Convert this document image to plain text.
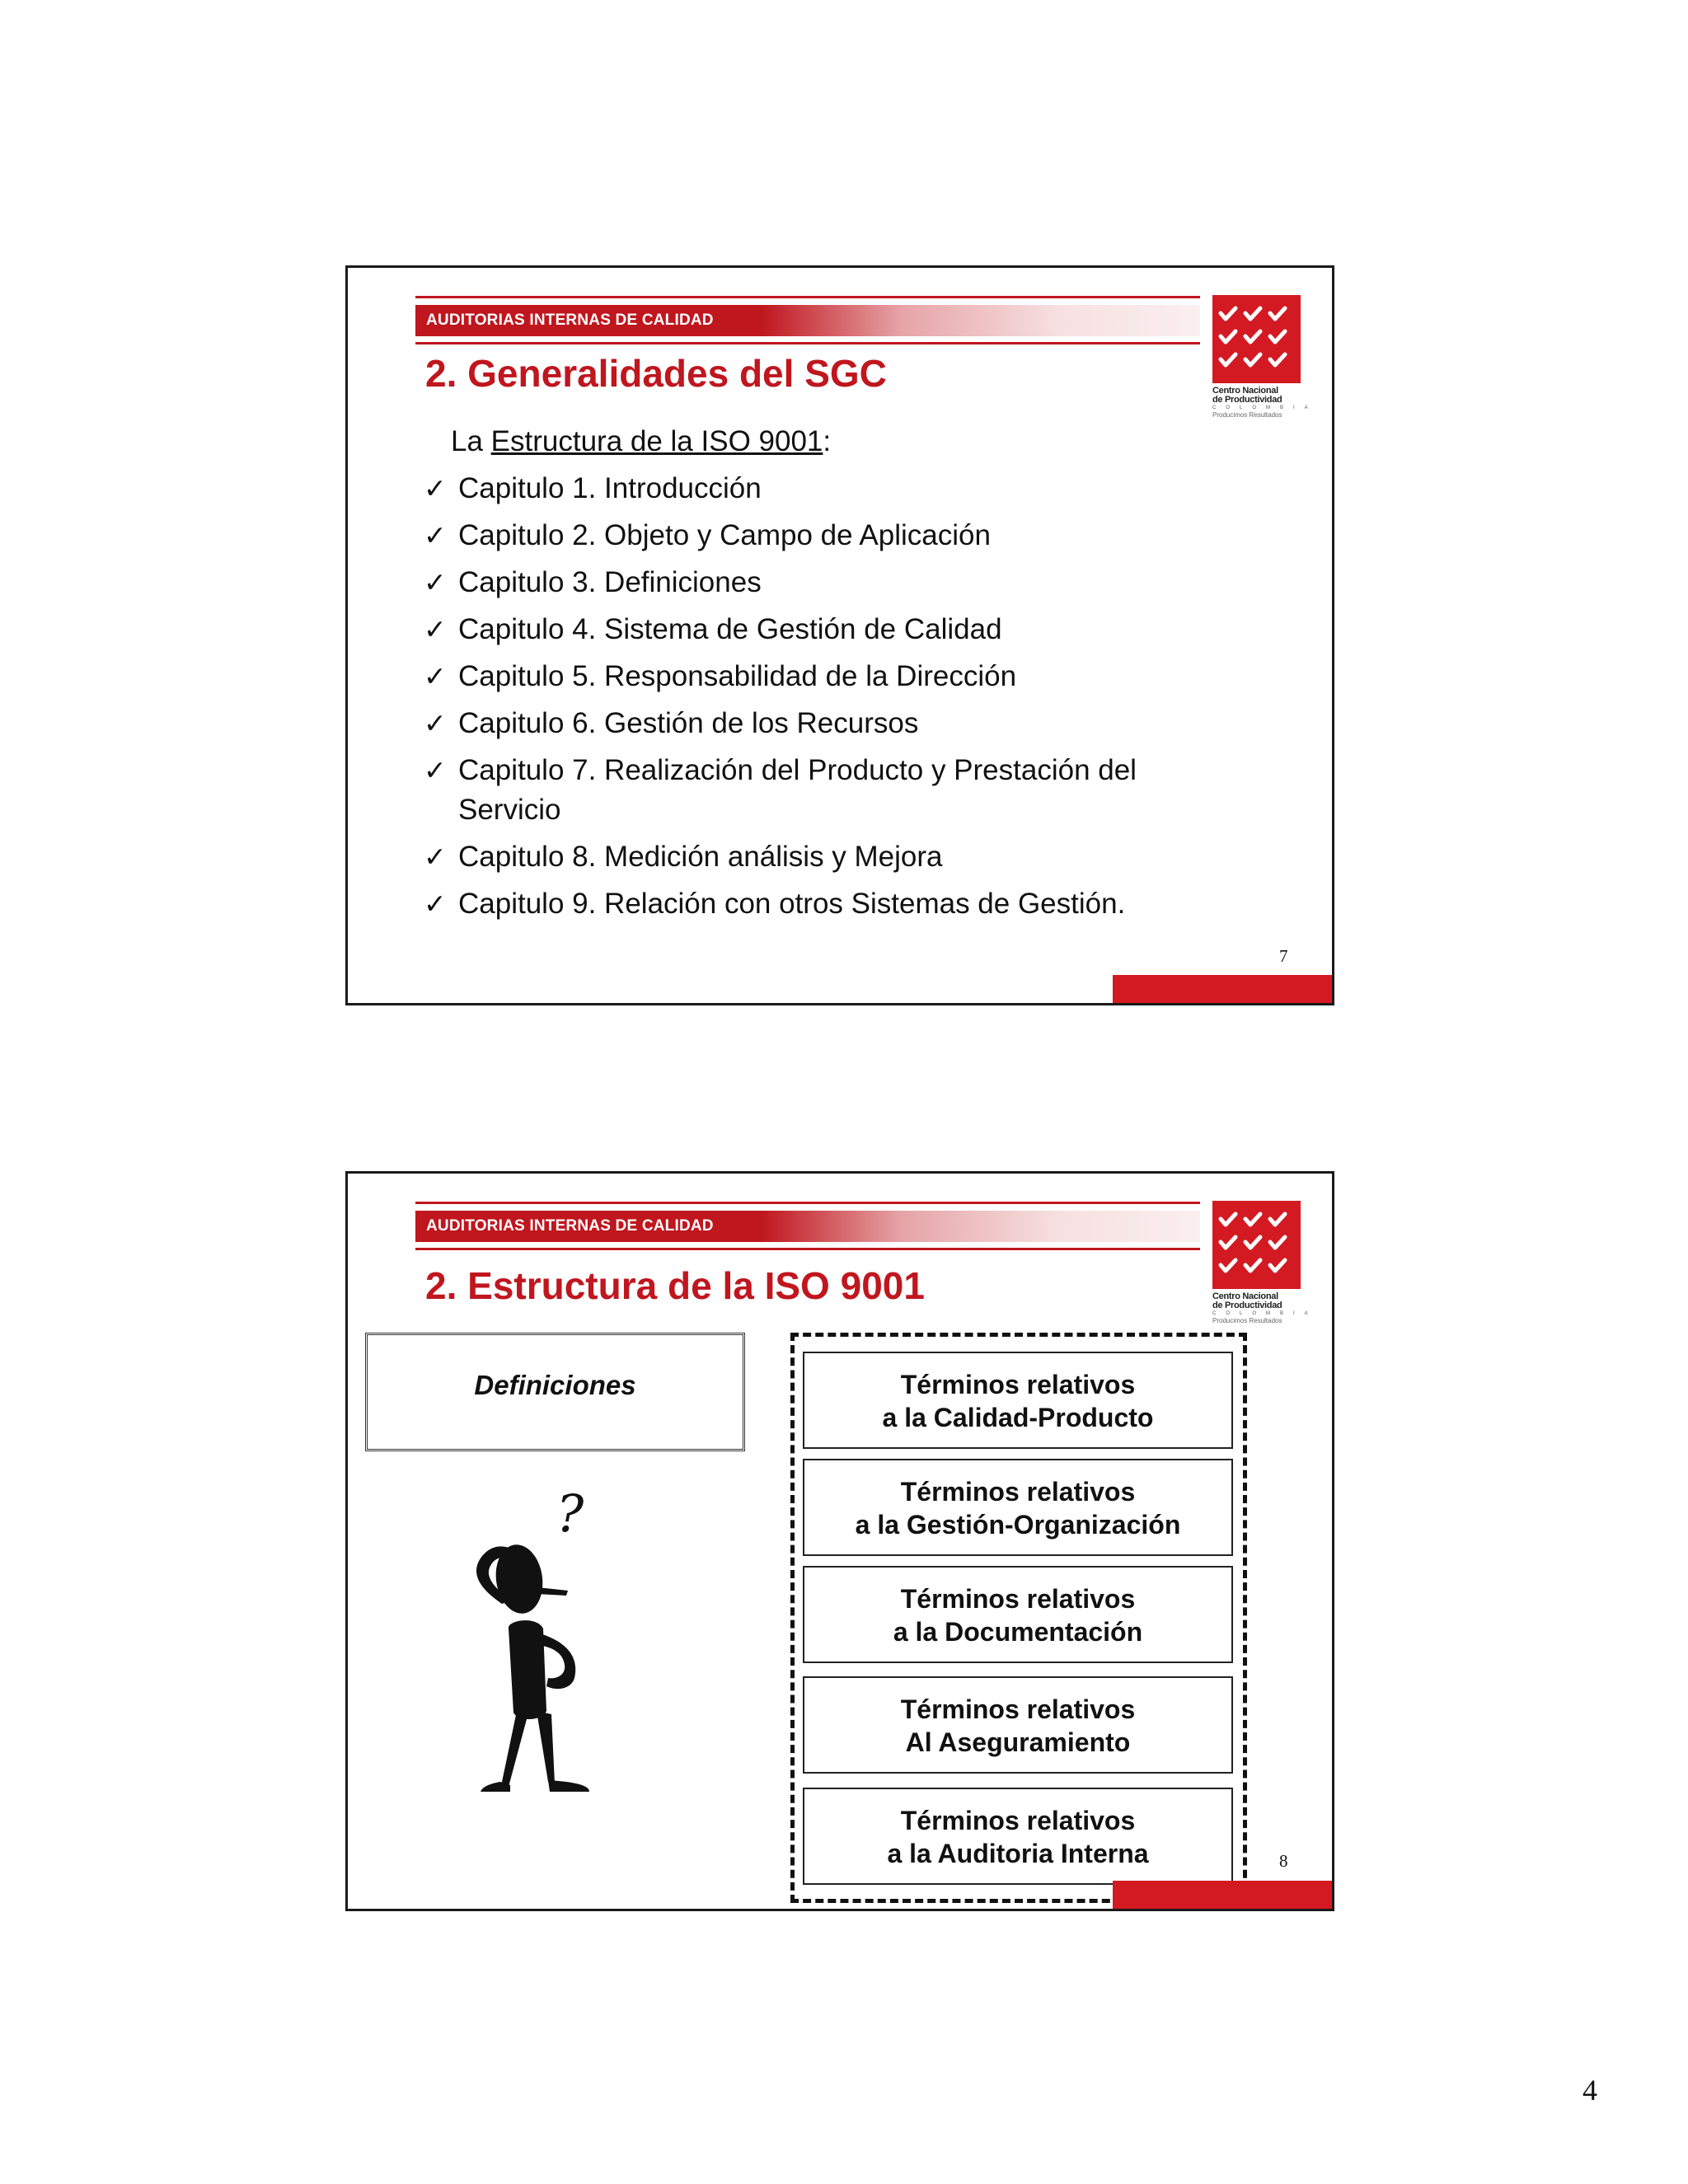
AUDITORIAS INTERNAS DE CALIDAD
Centro Nacional
de Productividad
COLOMBIA
Producimos Resultados
2. Generalidades del SGC
La Estructura de la ISO 9001:
✓ Capitulo 1. Introducción
✓ Capitulo 2. Objeto y Campo de Aplicación
✓ Capitulo 3. Definiciones
✓ Capitulo 4. Sistema de Gestión de Calidad
✓ Capitulo 5. Responsabilidad de la Dirección
✓ Capitulo 6. Gestión de los Recursos
✓ Capitulo 7. Realización del Producto y Prestación del Servicio
✓ Capitulo 8. Medición análisis y Mejora
✓ Capitulo 9. Relación con otros Sistemas de Gestión.
7
AUDITORIAS INTERNAS DE CALIDAD
Centro Nacional
de Productividad
COLOMBIA
Producimos Resultados
2. Estructura de la ISO 9001
Definiciones
?
Términos relativos
a la Calidad-Producto
Términos relativos
a la Gestión-Organización
Términos relativos
a la Documentación
Términos relativos
Al Aseguramiento
Términos relativos
a la Auditoria Interna	8
4
